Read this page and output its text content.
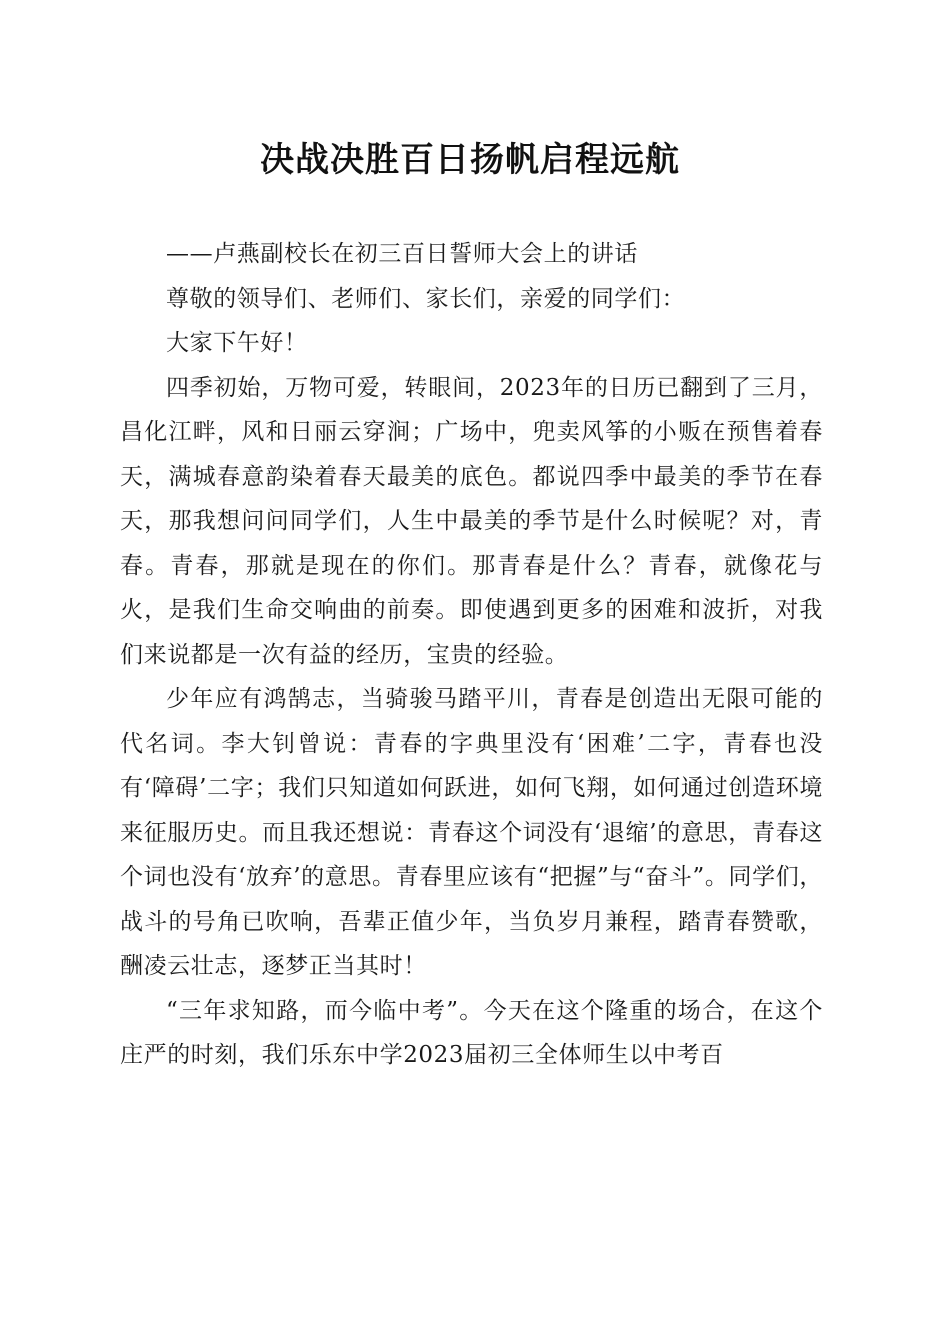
决战决胜百日扬帆启程远航

——卢燕副校长在初三百日誓师大会上的讲话

尊敬的领导们、老师们、家长们，亲爱的同学们：

大家下午好！

四季初始，万物可爱，转眼间，2023年的日历已翻到了三月，昌化江畔，风和日丽云穿涧；广场中，兜卖风筝的小贩在预售着春天，满城春意韵染着春天最美的底色。都说四季中最美的季节在春天，那我想问问同学们，人生中最美的季节是什么时候呢？对，青春。青春，那就是现在的你们。那青春是什么？青春，就像花与火，是我们生命交响曲的前奏。即使遇到更多的困难和波折，对我们来说都是一次有益的经历，宝贵的经验。

少年应有鸿鹄志，当骑骏马踏平川，青春是创造出无限可能的代名词。李大钊曾说：青春的字典里没有‘困难’二字，青春也没有‘障碍’二字；我们只知道如何跃进，如何飞翔，如何通过创造环境来征服历史。而且我还想说：青春这个词没有‘退缩’的意思，青春这个词也没有‘放弃’的意思。青春里应该有“把握”与“奋斗”。同学们，战斗的号角已吹响，吾辈正值少年，当负岁月兼程，踏青春赞歌，酬凌云壮志，逐梦正当其时！

“三年求知路，而今临中考”。今天在这个隆重的场合，在这个庄严的时刻，我们乐东中学2023届初三全体师生以中考百
